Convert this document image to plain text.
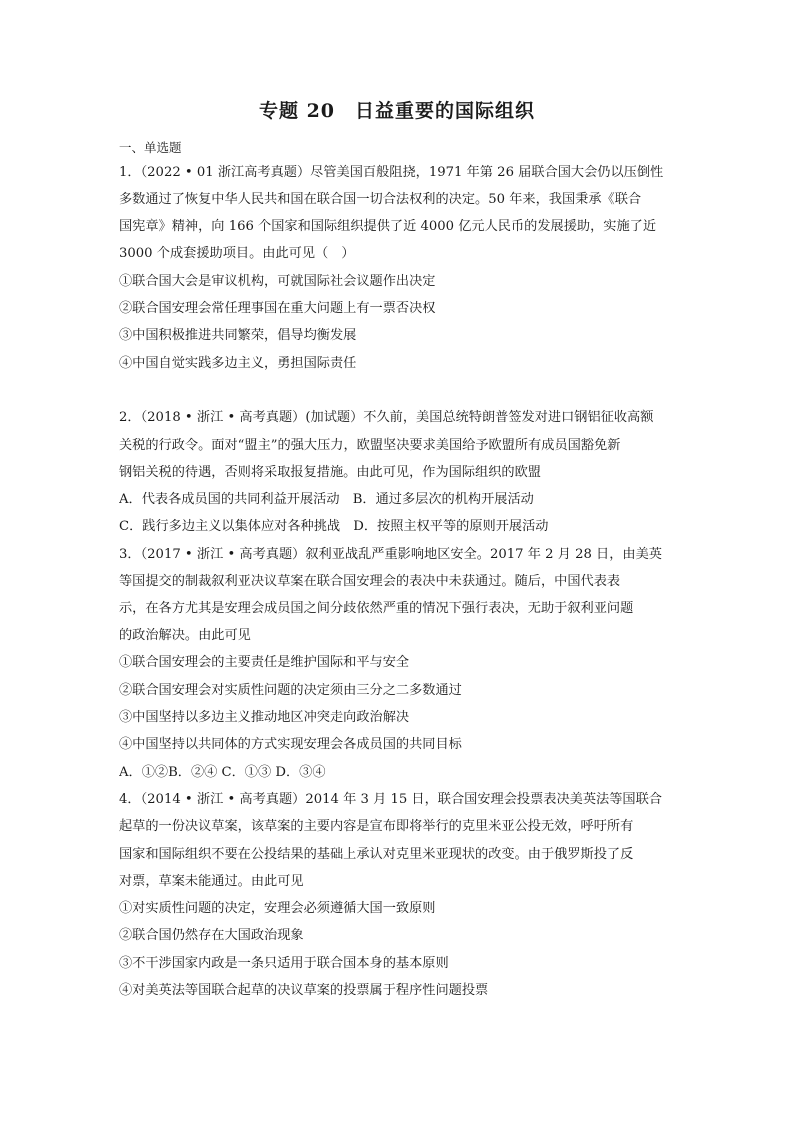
专题 20　日益重要的国际组织
一、单选题
1．（2022 • 01 浙江高考真题）尽管美国百般阻挠，1971 年第 26 届联合国大会仍以压倒性
多数通过了恢复中华人民共和国在联合国一切合法权利的决定。50 年来，我国秉承《联合
国宪章》精神，向 166 个国家和国际组织提供了近 4000 亿元人民币的发展援助，实施了近
3000 个成套援助项目。由此可见（　）
①联合国大会是审议机构，可就国际社会议题作出决定
②联合国安理会常任理事国在重大问题上有一票否决权
③中国积极推进共同繁荣，倡导均衡发展
④中国自觉实践多边主义，勇担国际责任
2．（2018 • 浙江 • 高考真题）(加试题）不久前，美国总统特朗普签发对进口钢铝征收高额
关税的行政令。面对“盟主”的强大压力，欧盟坚决要求美国给予欧盟所有成员国豁免新
钢铝关税的待遇，否则将采取报复措施。由此可见，作为国际组织的欧盟
A．代表各成员国的共同利益开展活动　B．通过多层次的机构开展活动
C．践行多边主义以集体应对各种挑战　D．按照主权平等的原则开展活动
3．（2017 • 浙江 • 高考真题）叙利亚战乱严重影响地区安全。2017 年 2 月 28 日，由美英
等国提交的制裁叙利亚决议草案在联合国安理会的表决中未获通过。随后，中国代表表
示，在各方尤其是安理会成员国之间分歧依然严重的情况下强行表决，无助于叙利亚问题
的政治解决。由此可见
①联合国安理会的主要责任是维护国际和平与安全
②联合国安理会对实质性问题的决定须由三分之二多数通过
③中国坚持以多边主义推动地区冲突走向政治解决
④中国坚持以共同体的方式实现安理会各成员国的共同目标
A．①②B．②④ C．①③ D．③④
4．（2014 • 浙江 • 高考真题）2014 年 3 月 15 日，联合国安理会投票表决美英法等国联合
起草的一份决议草案，该草案的主要内容是宣布即将举行的克里米亚公投无效，呼吁所有
国家和国际组织不要在公投结果的基础上承认对克里米亚现状的改变。由于俄罗斯投了反
对票，草案未能通过。由此可见
①对实质性问题的决定，安理会必须遵循大国一致原则
②联合国仍然存在大国政治现象
③不干涉国家内政是一条只适用于联合国本身的基本原则
④对美英法等国联合起草的决议草案的投票属于程序性问题投票
